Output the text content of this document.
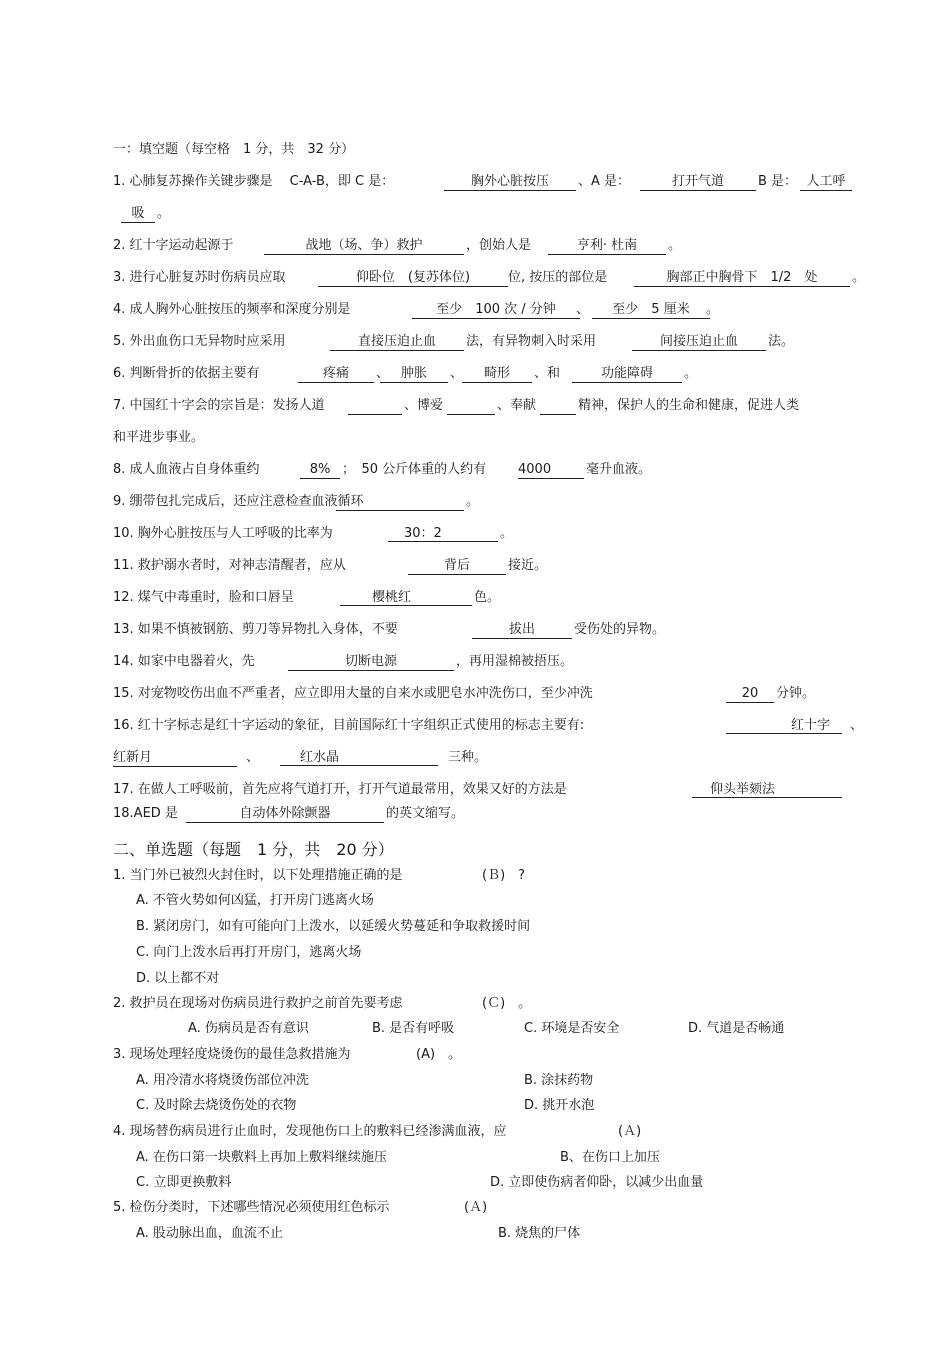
一：填空题（每空格　1 分，共　32 分）
1. 心肺复苏操作关键步骤是　 C-A-B，即 C 是：	胸外心脏按压	、A 是：	打开气道	B 是： 人工呼
吸 。
2. 红十字运动起源于	战地（场、争）救护	，创始人是	亨利· 杜南	。
3. 进行心脏复苏时伤病员应取	仰卧位　(复苏体位)	位, 按压的部位是	胸部正中胸骨下　1/2　处	。
4. 成人胸外心脏按压的频率和深度分别是	至少　100 次 / 分钟	、	至少　5 厘米	。
5. 外出血伤口无异物时应采用	直接压迫止血	法，有异物刺入时采用	间接压迫止血	法。
6. 判断骨折的依据主要有	疼痛	、 肿胀	、	畸形	、和	功能障碍	。
7. 中国红十字会的宗旨是：发扬人道	、博爱	、奉献	精神，保护人的生命和健康，促进人类
和平进步事业。
8. 成人血液占自身体重约	8% ；　50 公斤体重的人约有 4000	毫升血液。
9. 绷带包扎完成后，还应注意检查血液循环	。
10. 胸外心脏按压与人工呼吸的比率为	30：2	。
11. 救护溺水者时，对神志清醒者，应从	背后	接近。
12. 煤气中毒重时，脸和口唇呈	樱桃红	色。
13. 如果不慎被钢筋、剪刀等异物扎入身体，不要	拔出	受伤处的异物。
14. 如家中电器着火，先	切断电源	，再用湿棉被捂压。
15. 对宠物咬伤出血不严重者，应立即用大量的自来水或肥皂水冲洗伤口，至少冲洗	20	分钟。
16. 红十字标志是红十字运动的象征，目前国际红十字组织正式使用的标志主要有:	红十字	、
红新月	、	红水晶	三种。
17. 在做人工呼吸前，首先应将气道打开，打开气道最常用，效果又好的方法是	仰头举颏法
18.AED 是	自动体外除颤器	的英文缩写。
二、单选题（每题　1 分，共　20 分）
1. 当门外已被烈火封住时，以下处理措施正确的是	(Ｂ)　?
A. 不管火势如何凶猛，打开房门逃离火场
B. 紧闭房门，如有可能向门上泼水，以延缓火势蔓延和争取救援时间
C. 向门上泼水后再打开房门，逃离火场
D. 以上都不对
2. 救护员在现场对伤病员进行救护之前首先要考虑	(Ｃ)　。
A. 伤病员是否有意识	B. 是否有呼吸	C. 环境是否安全	D. 气道是否畅通
3. 现场处理轻度烧烫伤的最佳急救措施为	(A)　。
A. 用冷清水将烧烫伤部位冲洗	B. 涂抹药物
C. 及时除去烧烫伤处的衣物	D. 挑开水泡
4. 现场替伤病员进行止血时，发现他伤口上的敷料已经渗满血液，应	(Ａ)
A. 在伤口第一块敷料上再加上敷料继续施压	B、在伤口上加压
C. 立即更换敷料	D. 立即使伤病者仰卧，以减少出血量
5. 检伤分类时，下述哪些情况必须使用红色标示	(Ａ)
A. 股动脉出血，血流不止	B. 烧焦的尸体
